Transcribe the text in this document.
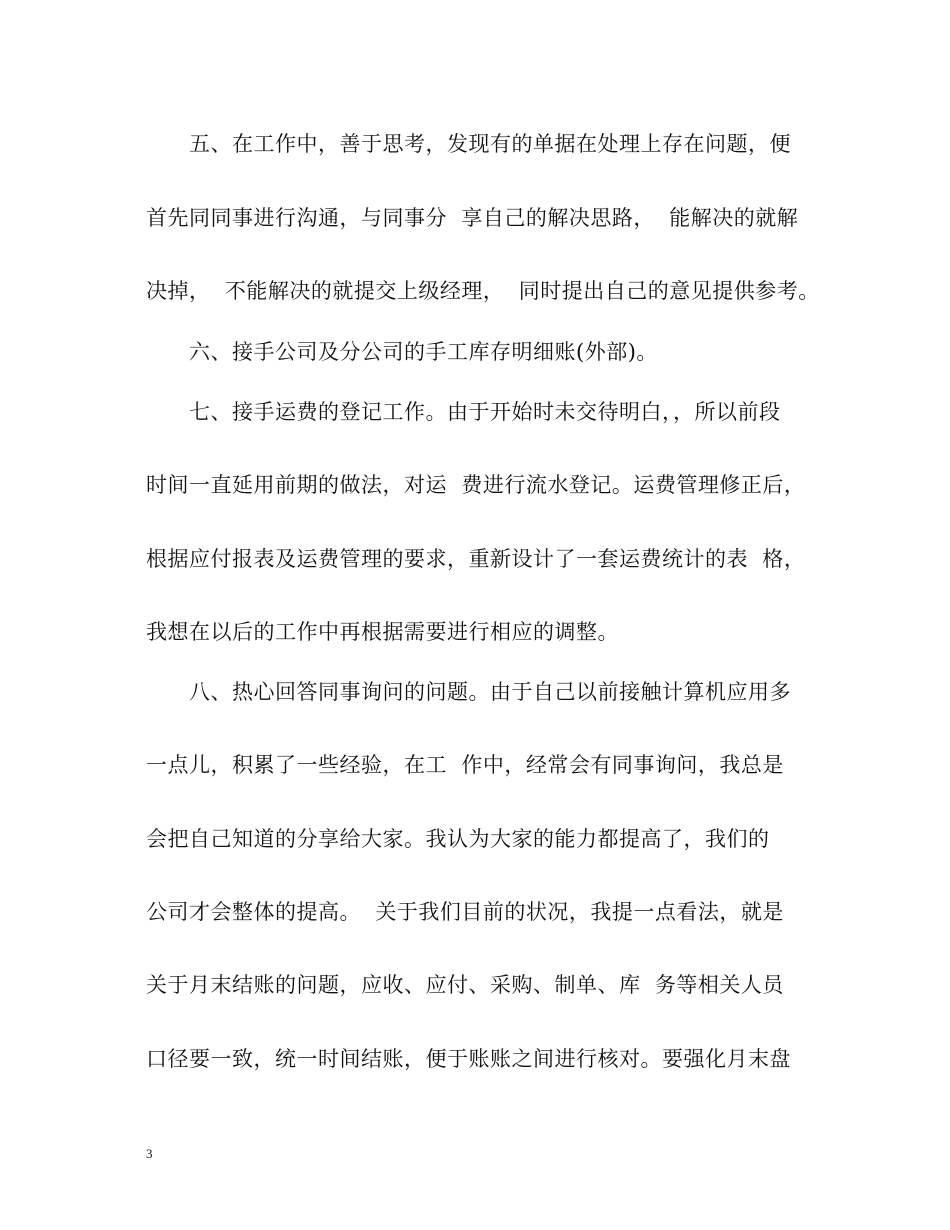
　　五、在工作中，善于思考，发现有的单据在处理上存在问题，便
首先同同事进行沟通，与同事分  享自己的解决思路，  能解决的就解
决掉，  不能解决的就提交上级经理，  同时提出自己的意见提供参考。
　　六、接手公司及分公司的手工库存明细账(外部)。
　　七、接手运费的登记工作。由于开始时未交待明白，，所以前段
时间一直延用前期的做法，对运  费进行流水登记。运费管理修正后，
根据应付报表及运费管理的要求，重新设计了一套运费统计的表  格，
我想在以后的工作中再根据需要进行相应的调整。
　　八、热心回答同事询问的问题。由于自己以前接触计算机应用多
一点儿，积累了一些经验，在工  作中，经常会有同事询问，我总是
会把自己知道的分享给大家。我认为大家的能力都提高了，我们的
公司才会整体的提高。  关于我们目前的状况，我提一点看法，就是
关于月末结账的问题，应收、应付、采购、制单、库  务等相关人员
口径要一致，统一时间结账，便于账账之间进行核对。要强化月末盘
3
